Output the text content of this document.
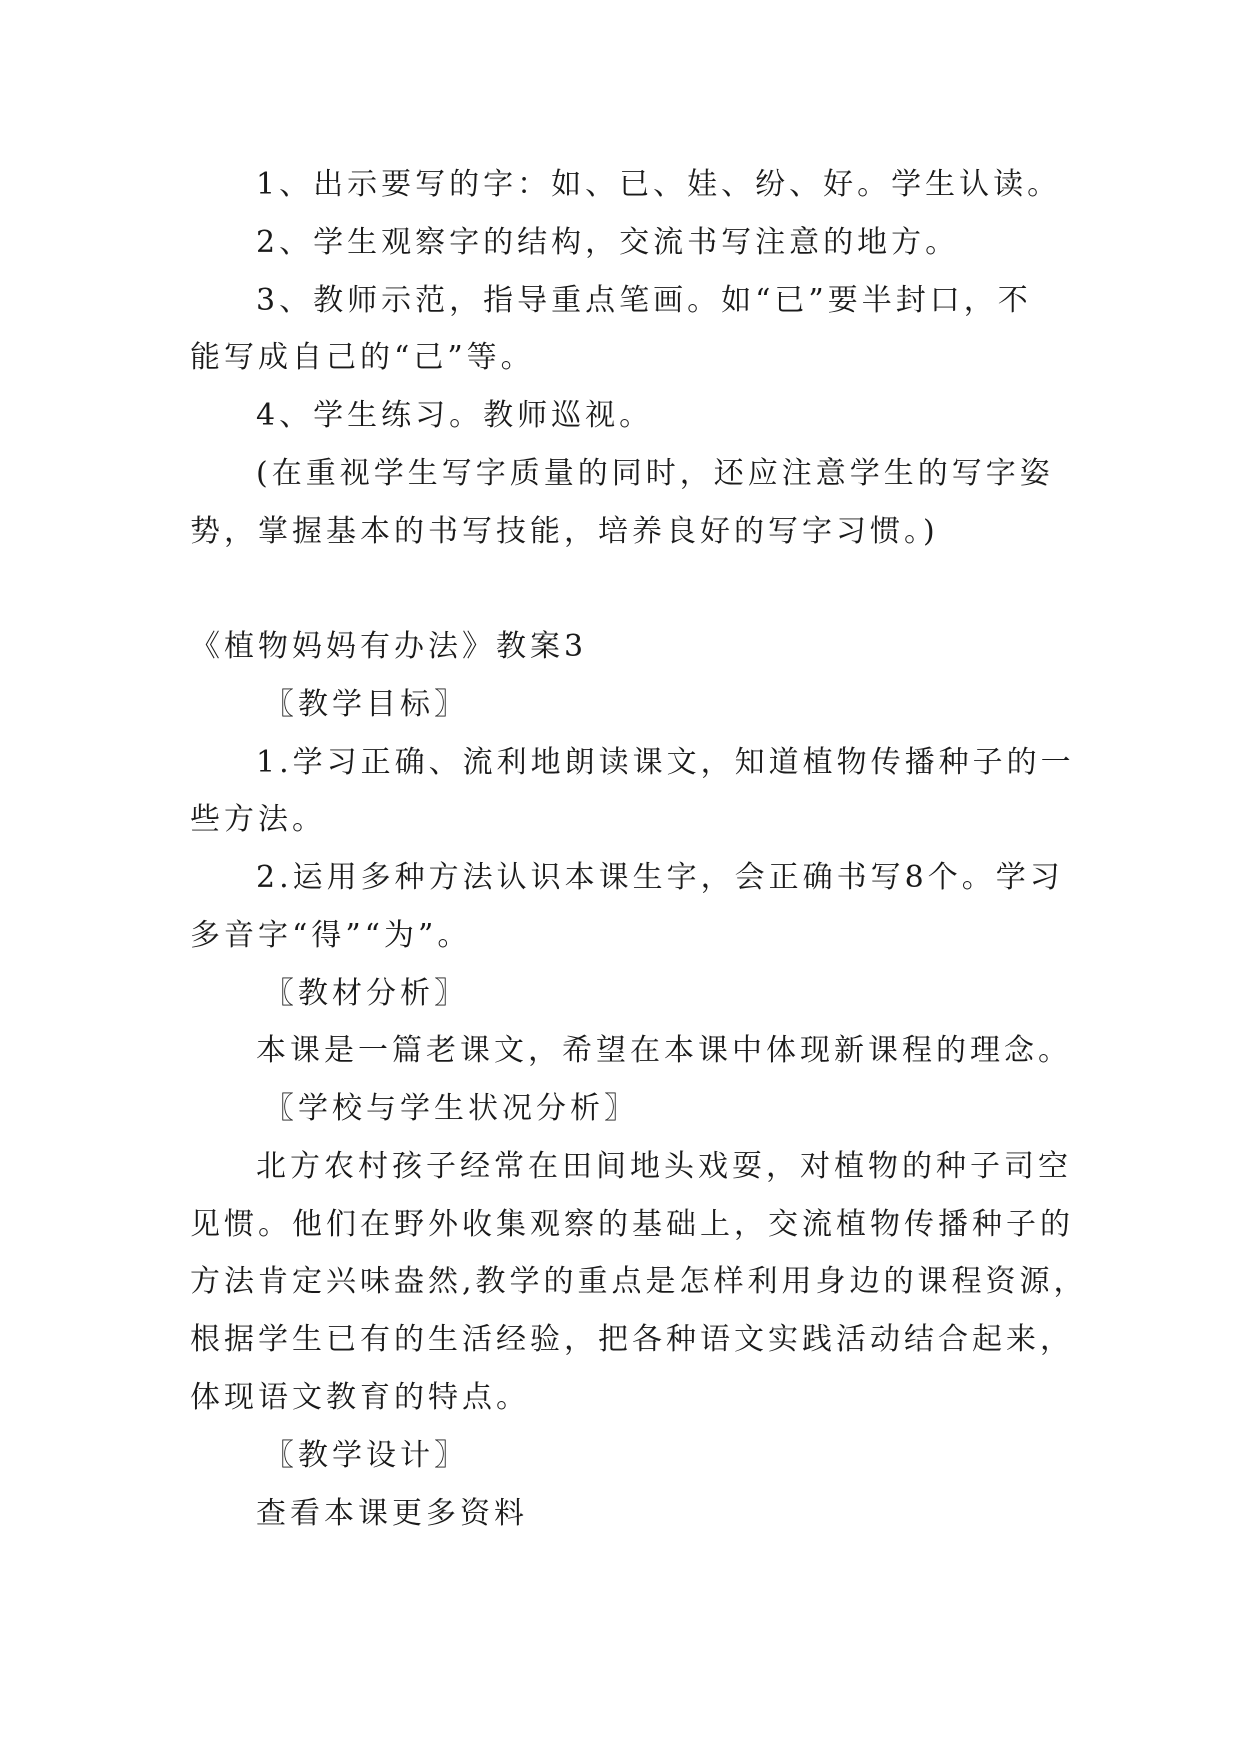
1、出示要写的字：如、已、娃、纷、好。学生认读。
2、学生观察字的结构，交流书写注意的地方。
3、教师示范，指导重点笔画。如“已”要半封口，不
能写成自己的“己”等。
4、学生练习。教师巡视。
(在重视学生写字质量的同时，还应注意学生的写字姿
势，掌握基本的书写技能，培养良好的写字习惯。)
《植物妈妈有办法》教案3
〖教学目标〗
1.学习正确、流利地朗读课文，知道植物传播种子的一
些方法。
2.运用多种方法认识本课生字，会正确书写8个。学习
多音字“得”“为”。
〖教材分析〗
本课是一篇老课文，希望在本课中体现新课程的理念。
〖学校与学生状况分析〗
北方农村孩子经常在田间地头戏耍，对植物的种子司空
见惯。他们在野外收集观察的基础上，交流植物传播种子的
方法肯定兴味盎然,教学的重点是怎样利用身边的课程资源，
根据学生已有的生活经验，把各种语文实践活动结合起来，
体现语文教育的特点。
〖教学设计〗
查看本课更多资料
